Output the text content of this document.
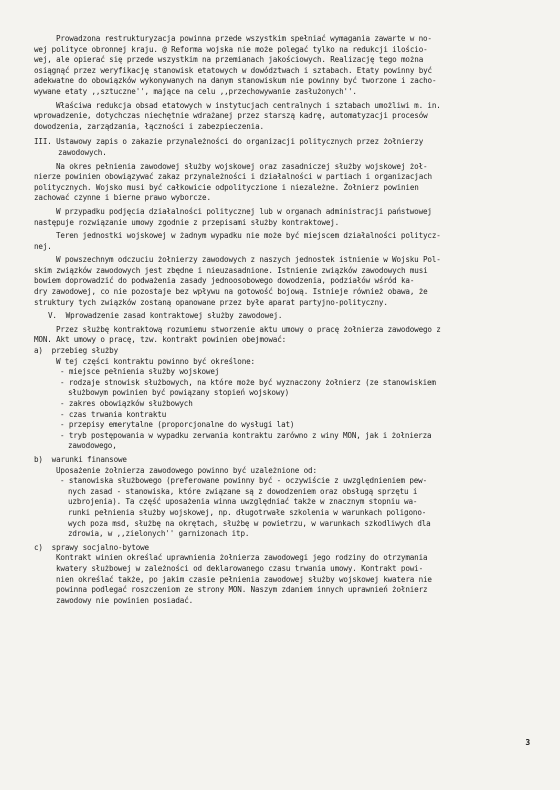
Prowadzona restrukturyzacja powinna przede wszystkim spełniać wymagania zawarte w no-

wej polityce obronnej kraju. @ Reforma wojska nie może polegać tylko na redukcji ilościo-

wej, ale opierać się przede wszystkim na przemianach jakościowych. Realizację tego można

osiągnąć przez weryfikację stanowisk etatowych w dowództwach i sztabach. Etaty powinny być

adekwatne do obowiązków wykonywanych na danym stanowiskum nie powinny być tworzone i zacho-

wywane etaty ,,sztuczne'', mające na celu ,,przechowywanie zasłużonych''.

Właściwa redukcja obsad etatowych w instytucjach centralnych i sztabach umożliwi m. in.

wprowadzenie, dotychczas niechętnie wdrażanej przez starszą kadrę, automatyzacji procesów

dowodzenia, zarządzania, łączności i zabezpieczenia.

III. Ustawowy zapis o zakazie przynależności do organizacji politycznych przez żołnierzy

zawodowych.

Na okres pełnienia zawodowej służby wojskowej oraz zasadniczej służby wojskowej żoł-

nierze powinien obowiązywać zakaz przynależności i działalności w partiach i organizacjach

politycznych. Wojsko musi być całkowicie odpolityczione i niezależne. Żołnierz powinien

zachować czynne i bierne prawo wyborcze.

W przypadku podjęcia działalności politycznej lub w organach administracji państwowej

następuje rozwiązanie umowy zgodnie z przepisami służby kontraktowej.

Teren jednostki wojskowej w żadnym wypadku nie może być miejscem działalności politycz-

nej.

W powszechnym odczuciu żołnierzy zawodowych z naszych jednostek istnienie w Wojsku Pol-

skim związków zawodowych jest zbędne i nieuzasadnione. Istnienie związków zawodowych musi

bowiem doprowadzić do podważenia zasady jednoosobowego dowodzenia, podziałów wśród ka-

dry zawodowej, co nie pozostaje bez wpływu na gotowość bojową. Istnieje również obawa, że

struktury tych związków zostaną opanowane przez byłe aparat partyjno-polityczny.

V.  Wprowadzenie zasad kontraktowej służby zawodowej.

Przez służbę kontraktową rozumiemu stworzenie aktu umowy o pracę żołnierza zawodowego z

MON. Akt umowy o pracę, tzw. kontrakt powinien obejmować:

a)  przebieg służby

W tej części kontraktu powinno być określone:

- miejsce pełnienia służby wojskowej

- rodzaje stnowisk służbowych, na które może być wyznaczony żołnierz (ze stanowiskiem

służbowym powinien być powiązany stopień wojskowy)

- zakres obowiązków służbowych

- czas trwania kontraktu

- przepisy emerytalne (proporcjonalne do wysługi lat)

- tryb postępowania w wypadku zerwania kontraktu zarówno z winy MON, jak i żołnierza

zawodowego,

b)  warunki finansowe

Uposażenie żołnierza zawodowego powinno być uzależnione od:

- stanowiska służbowego (preferowane powinny być - oczywiście z uwzględnieniem pew-

nych zasad - stanowiska, które związane są z dowodzeniem oraz obsługą sprzętu i

uzbrojenia). Ta część uposażenia winna uwzględniać także w znacznym stopniu wa-

runki pełnienia służby wojskowej, np. długotrwałe szkolenia w warunkach poligono-

wych poza msd, służbę na okrętach, służbę w powietrzu, w warunkach szkodliwych dla

zdrowia, w ,,zielonych'' garnizonach itp.

c)  sprawy socjalno-bytowe

Kontrakt winien określać uprawnienia żołnierza zawodowegi jego rodziny do otrzymania

kwatery służbowej w zależności od deklarowanego czasu trwania umowy. Kontrakt powi-

nien określać także, po jakim czasie pełnienia zawodowej służby wojskowej kwatera nie

powinna podlegać roszczeniom ze strony MON. Naszym zdaniem innych uprawnień żołnierz

zawodowy nie powinien posiadać.

3
